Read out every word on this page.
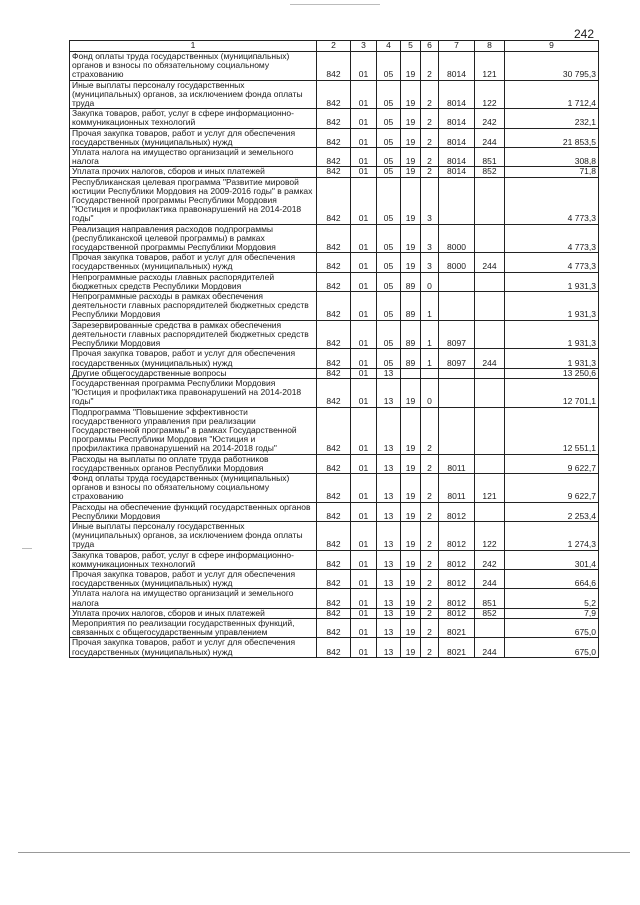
242
1	2	3	4	5	6	7	8	9
Фонд оплаты труда государственных (муниципальных) органов и взносы по обязательному социальному страхованию	842	01	05	19	2	8014	121	30 795,3
Иные выплаты персоналу государственных (муниципальных) органов, за исключением фонда оплаты труда	842	01	05	19	2	8014	122	1 712,4
Закупка товаров, работ, услуг в сфере информационно-коммуникационных технологий	842	01	05	19	2	8014	242	232,1
Прочая закупка товаров, работ и услуг для обеспечения государственных (муниципальных) нужд	842	01	05	19	2	8014	244	21 853,5
Уплата налога на имущество организаций и земельного налога	842	01	05	19	2	8014	851	308,8
Уплата прочих налогов, сборов и иных платежей	842	01	05	19	2	8014	852	71,8
Республиканская целевая программа "Развитие мировой юстиции Республики Мордовия на 2009-2016 годы" в рамках Государственной программы Республики Мордовия "Юстиция и профилактика правонарушений на 2014-2018 годы"	842	01	05	19	3			4 773,3
Реализация направления расходов подпрограммы (республиканской целевой программы) в рамках государственной программы Республики Мордовия	842	01	05	19	3	8000		4 773,3
Прочая закупка товаров, работ и услуг для обеспечения государственных (муниципальных) нужд	842	01	05	19	3	8000	244	4 773,3
Непрограммные расходы главных распорядителей бюджетных средств Республики Мордовия	842	01	05	89	0			1 931,3
Непрограммные расходы в рамках обеспечения деятельности главных распорядителей бюджетных средств Республики Мордовия	842	01	05	89	1			1 931,3
Зарезервированные средства в рамках обеспечения деятельности главных распорядителей бюджетных средств Республики Мордовия	842	01	05	89	1	8097		1 931,3
Прочая закупка товаров, работ и услуг для обеспечения государственных (муниципальных) нужд	842	01	05	89	1	8097	244	1 931,3
Другие общегосударственные вопросы	842	01	13					13 250,6
Государственная программа Республики Мордовия "Юстиция и профилактика правонарушений на 2014-2018 годы"	842	01	13	19	0			12 701,1
Подпрограмма "Повышение эффективности государственного управления при реализации Государственной программы" в рамках Государственной программы Республики Мордовия "Юстиция и профилактика правонарушений на 2014-2018 годы"	842	01	13	19	2			12 551,1
Расходы на выплаты по оплате труда работников государственных органов Республики Мордовия	842	01	13	19	2	8011		9 622,7
Фонд оплаты труда государственных (муниципальных) органов и взносы по обязательному социальному страхованию	842	01	13	19	2	8011	121	9 622,7
Расходы на обеспечение функций государственных органов Республики Мордовия	842	01	13	19	2	8012		2 253,4
Иные выплаты персоналу государственных (муниципальных) органов, за исключением фонда оплаты труда	842	01	13	19	2	8012	122	1 274,3
Закупка товаров, работ, услуг в сфере информационно-коммуникационных технологий	842	01	13	19	2	8012	242	301,4
Прочая закупка товаров, работ и услуг для обеспечения государственных (муниципальных) нужд	842	01	13	19	2	8012	244	664,6
Уплата налога на имущество организаций и земельного налога	842	01	13	19	2	8012	851	5,2
Уплата прочих налогов, сборов и иных платежей	842	01	13	19	2	8012	852	7,9
Мероприятия по реализации государственных функций, связанных с общегосударственным управлением	842	01	13	19	2	8021		675,0
Прочая закупка товаров, работ и услуг для обеспечения государственных (муниципальных) нужд	842	01	13	19	2	8021	244	675,0
